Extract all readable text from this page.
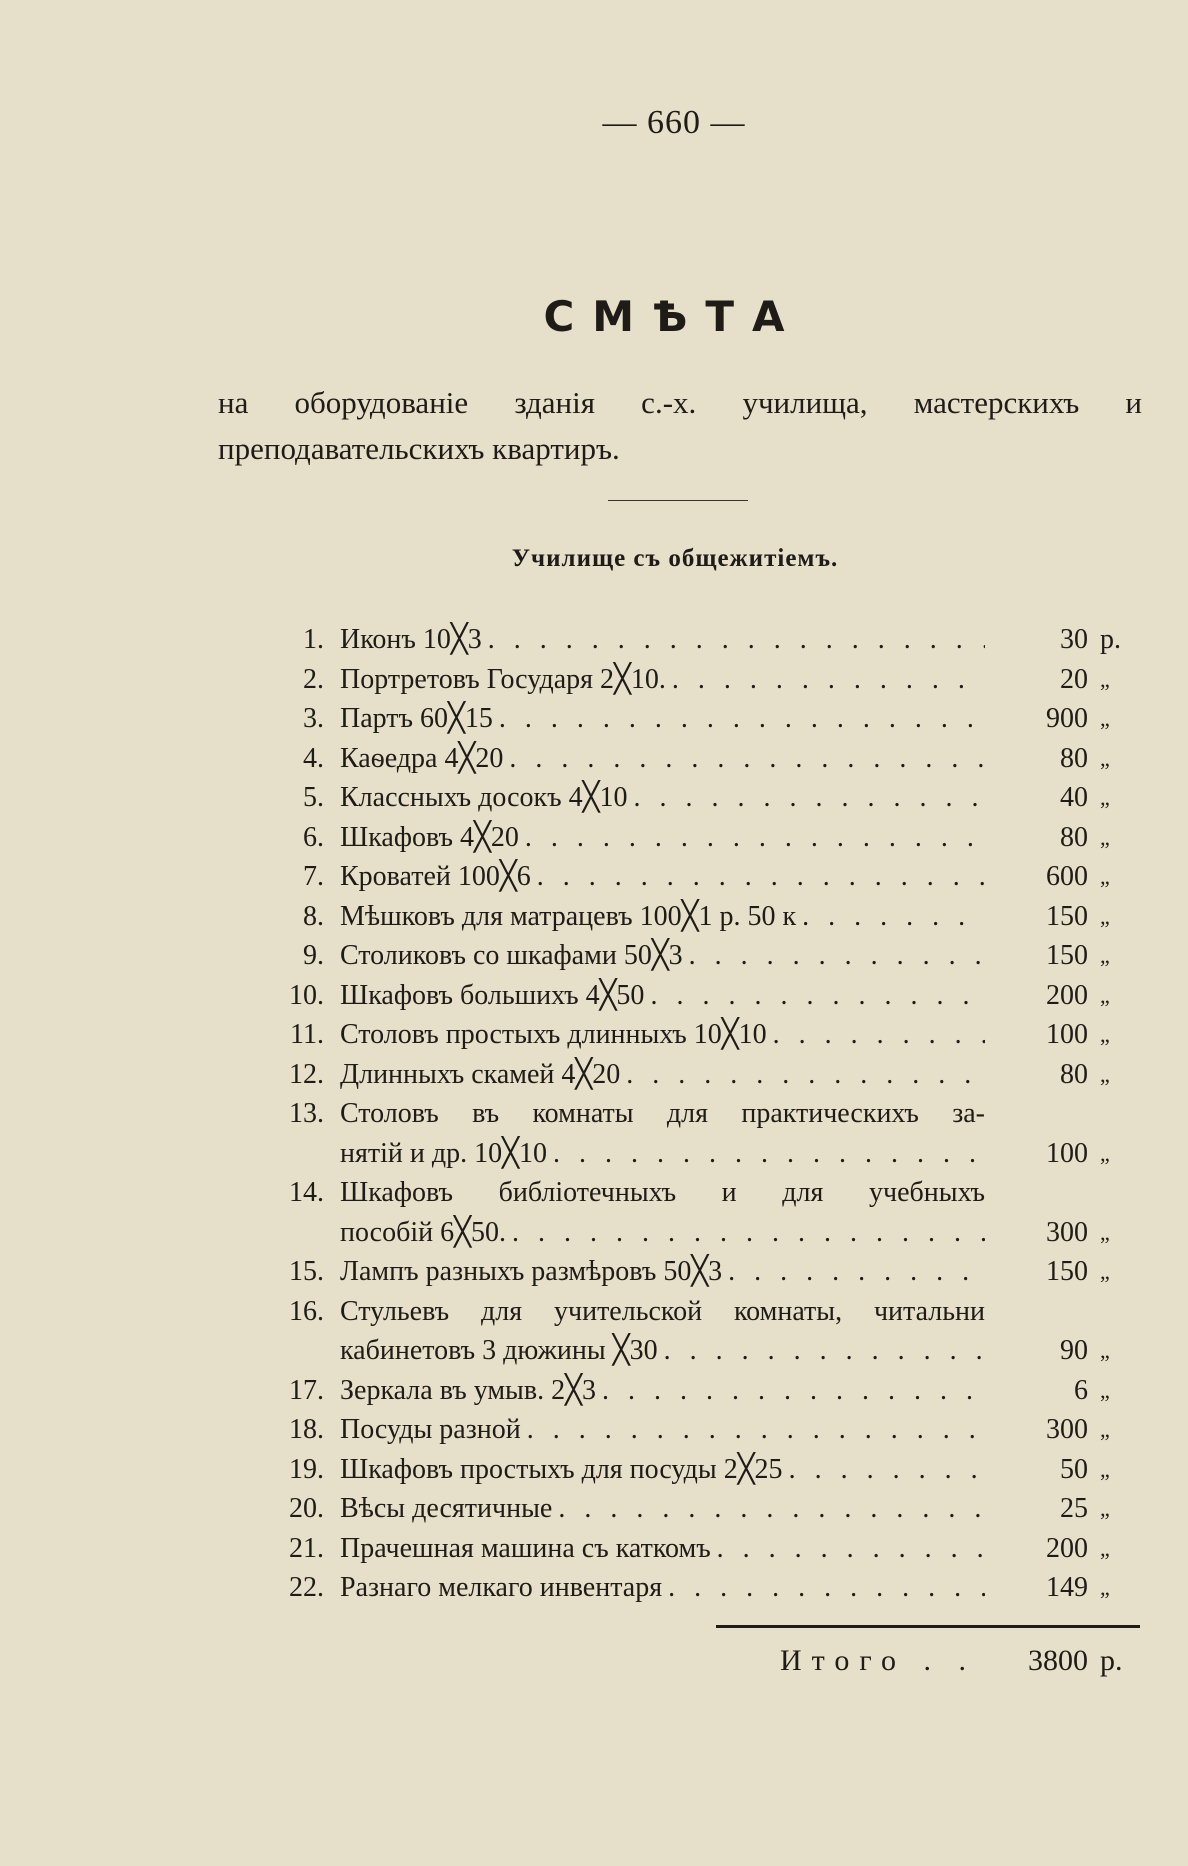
— 660 —
СМѢТА
на оборудованіе зданія с.-х. училища, мастерскихъ и преподавательскихъ квартиръ.
Училище съ общежитіемъ.
1. Иконъ 10╳3 . . .	30 р.
2. Портретовъ Государя 2╳10. . . .	20 „
3. Партъ 60╳15 . . .	900 „
4. Каѳедра 4╳20 . . .	80 „
5. Классныхъ досокъ 4╳10 . . .	40 „
6. Шкафовъ 4╳20 . . .	80 „
7. Кроватей 100╳6 . . .	600 „
8. Мѣшковъ для матрацевъ 100╳1 р. 50 к . . .	150 „
9. Столиковъ со шкафами 50╳3 . . .	150 „
10. Шкафовъ большихъ 4╳50 . . .	200 „
11. Столовъ простыхъ длинныхъ 10╳10 . . .	100 „
12. Длинныхъ скамей 4╳20 . . .	80 „
13. Столовъ въ комнаты для практическихъ за-
нятій и др. 10╳10 . . .	100 „
14. Шкафовъ библіотечныхъ и для учебныхъ
пособій 6╳50. . . .	300 „
15. Лампъ разныхъ размѣровъ 50╳3 . . .	150 „
16. Стульевъ для учительской комнаты, читальни
кабинетовъ 3 дюжины ╳30 . . .	90 „
17. Зеркала въ умыв. 2╳3 . . .	6 „
18. Посуды разной . . .	300 „
19. Шкафовъ простыхъ для посуды 2╳25 . . .	50 „
20. Вѣсы десятичные . . .	25 „
21. Прачешная машина съ каткомъ . . .	200 „
22. Разнаго мелкаго инвентаря . . .	149 „
Итого . .	3800 р.
